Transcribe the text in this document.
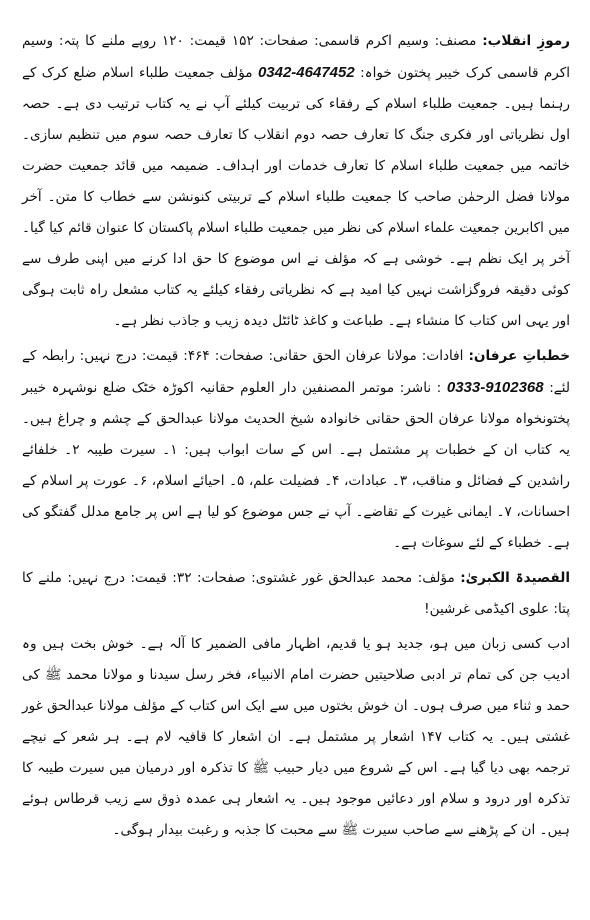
رموزِ انقلاب: مصنف: وسیم اکرم قاسمی: صفحات: ۱۵۲ قیمت: ۱۲۰ روپے ملنے کا پتہ: وسیم اکرم قاسمی کرک خیبر پختون خواہ: 0342-4647452 مؤلف جمعیت طلباء اسلام ضلع کرک کے رہنما ہیں۔ جمعیت طلباء اسلام کے رفقاء کی تربیت کیلئے آپ نے یہ کتاب ترتیب دی ہے۔ حصہ اول نظریاتی اور فکری جنگ کا تعارف حصہ دوم انقلاب کا تعارف حصہ سوم میں تنظیم سازی۔ خاتمہ میں جمعیت طلباء اسلام کا تعارف خدمات اور اہداف۔ ضمیمہ میں قائد جمعیت حضرت مولانا فضل الرحمٰن صاحب کا جمعیت طلباء اسلام کے تربیتی کنونشن سے خطاب کا متن۔ آخر میں اکابرین جمعیت علماء اسلام کی نظر میں جمعیت طلباء اسلام پاکستان کا عنوان قائم کیا گیا۔ آخر پر ایک نظم ہے۔ خوشی ہے کہ مؤلف نے اس موضوع کا حق ادا کرنے میں اپنی طرف سے کوئی دقیقہ فروگزاشت نہیں کیا امید ہے کہ نظریاتی رفقاء کیلئے یہ کتاب مشعل راہ ثابت ہوگی اور یہی اس کتاب کا منشاء ہے۔ طباعت و کاغذ ٹائٹل دیدہ زیب و جاذب نظر ہے۔

خطباتِ عرفان: افادات: مولانا عرفان الحق حقانی: صفحات: ۴۶۴: قیمت: درج نہیں: رابطہ کے لئے: 0333-9102368 : ناشر: موتمر المصنفین دار العلوم حقانیہ اکوڑہ خٹک ضلع نوشہرہ خیبر پختونخواہ مولانا عرفان الحق حقانی خانوادہ شیخ الحدیث مولانا عبدالحق کے چشم و چراغ ہیں۔ یہ کتاب ان کے خطبات پر مشتمل ہے۔ اس کے سات ابواب ہیں: ۱۔ سیرت طیبہ ۲۔ خلفائے راشدین کے فضائل و مناقب، ۳۔ عبادات، ۴۔ فضیلت علم، ۵۔ احیائے اسلام، ۶۔ عورت پر اسلام کے احسانات، ۷۔ ایمانی غیرت کے تقاضے۔ آپ نے جس موضوع کو لیا ہے اس پر جامع مدلل گفتگو کی ہے۔ خطباء کے لئے سوغات ہے۔

القصیدۃ الکبریٰ: مؤلف: محمد عبدالحق غور غشتوی: صفحات: ۳۲: قیمت: درج نہیں: ملنے کا پتا: علوی اکیڈمی غرشین!

ادب کسی زبان میں ہو، جدید ہو یا قدیم، اظہار مافی الضمیر کا آلہ ہے۔ خوش بخت ہیں وہ ادیب جن کی تمام تر ادبی صلاحیتیں حضرت امام الانبیاء، فخر رسل سیدنا و مولانا محمد ﷺ کی حمد و ثناء میں صرف ہوں۔ ان خوش بختوں میں سے ایک اس کتاب کے مؤلف مولانا عبدالحق غور غشتی ہیں۔ یہ کتاب ۱۴۷ اشعار پر مشتمل ہے۔ ان اشعار کا قافیہ لام ہے۔ ہر شعر کے نیچے ترجمہ بھی دیا گیا ہے۔ اس کے شروع میں دیار حبیب ﷺ کا تذکرہ اور درمیان میں سیرت طیبہ کا تذکرہ اور درود و سلام اور دعائیں موجود ہیں۔ یہ اشعار ہی عمدہ ذوق سے زیب قرطاس ہوئے ہیں۔ ان کے پڑھنے سے صاحب سیرت ﷺ سے محبت کا جذبہ و رغبت بیدار ہوگی۔
